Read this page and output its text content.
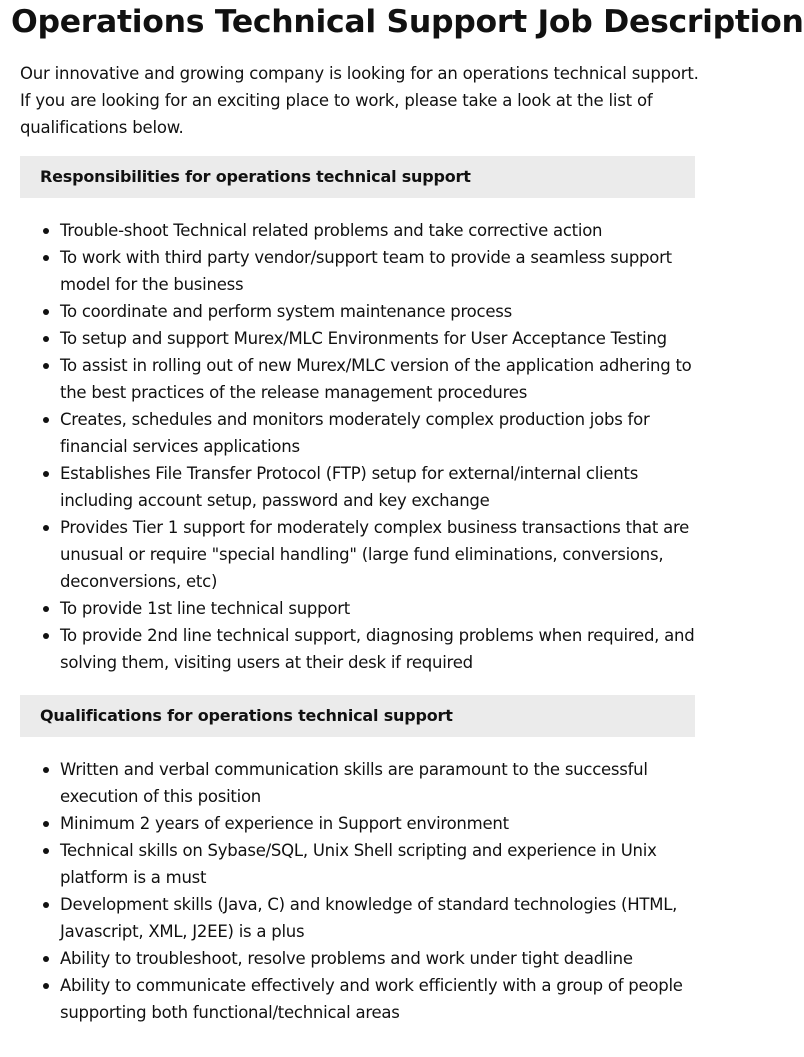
Operations Technical Support Job Description

Our innovative and growing company is looking for an operations technical support. If you are looking for an exciting place to work, please take a look at the list of qualifications below.

Responsibilities for operations technical support
Trouble-shoot Technical related problems and take corrective action
To work with third party vendor/support team to provide a seamless support model for the business
To coordinate and perform system maintenance process
To setup and support Murex/MLC Environments for User Acceptance Testing
To assist in rolling out of new Murex/MLC version of the application adhering to the best practices of the release management procedures
Creates, schedules and monitors moderately complex production jobs for financial services applications
Establishes File Transfer Protocol (FTP) setup for external/internal clients including account setup, password and key exchange
Provides Tier 1 support for moderately complex business transactions that are unusual or require "special handling" (large fund eliminations, conversions, deconversions, etc)
To provide 1st line technical support
To provide 2nd line technical support, diagnosing problems when required, and solving them, visiting users at their desk if required
Qualifications for operations technical support
Written and verbal communication skills are paramount to the successful execution of this position
Minimum 2 years of experience in Support environment
Technical skills on Sybase/SQL, Unix Shell scripting and experience in Unix platform is a must
Development skills (Java, C) and knowledge of standard technologies (HTML, Javascript, XML, J2EE) is a plus
Ability to troubleshoot, resolve problems and work under tight deadline
Ability to communicate effectively and work efficiently with a group of people supporting both functional/technical areas
